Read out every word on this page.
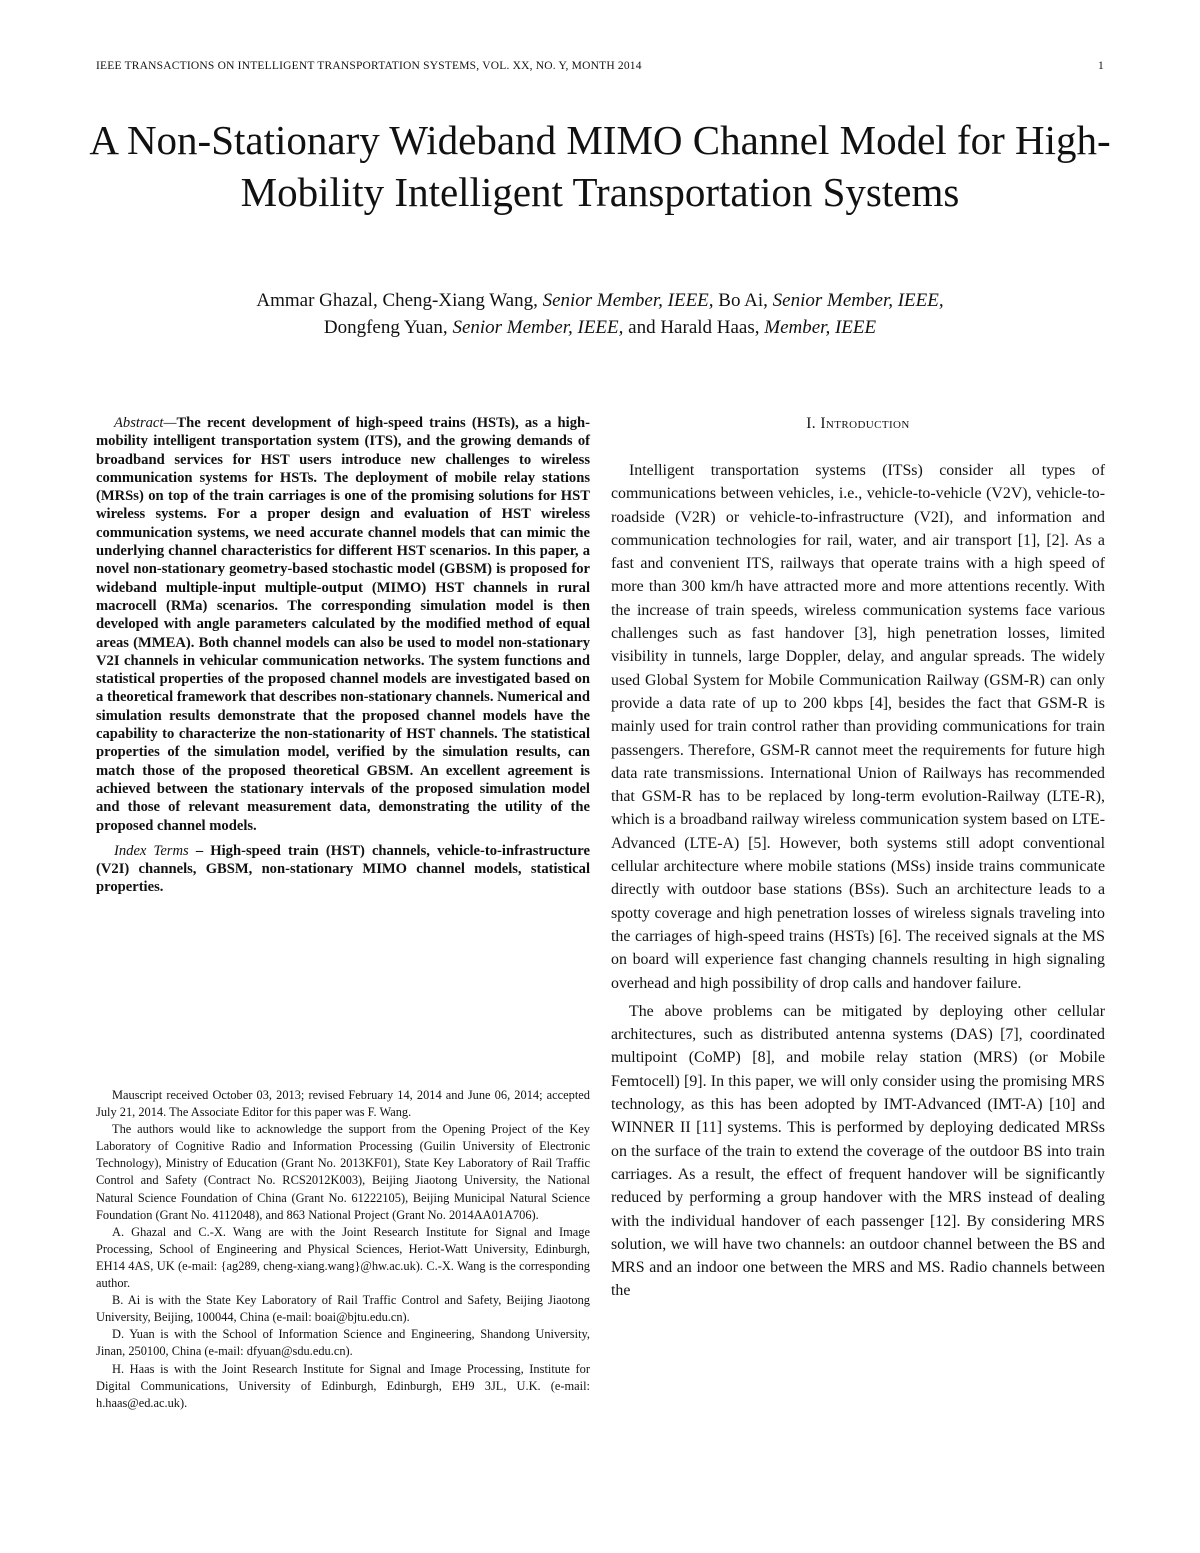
IEEE TRANSACTIONS ON INTELLIGENT TRANSPORTATION SYSTEMS, VOL. XX, NO. Y, MONTH 2014	1
A Non-Stationary Wideband MIMO Channel Model for High-Mobility Intelligent Transportation Systems
Ammar Ghazal, Cheng-Xiang Wang, Senior Member, IEEE, Bo Ai, Senior Member, IEEE,
Dongfeng Yuan, Senior Member, IEEE, and Harald Haas, Member, IEEE

Abstract—The recent development of high-speed trains (HSTs), as a high-mobility intelligent transportation system (ITS), and the growing demands of broadband services for HST users introduce new challenges to wireless communication systems for HSTs. The deployment of mobile relay stations (MRSs) on top of the train carriages is one of the promising solutions for HST wireless systems. For a proper design and evaluation of HST wireless communication systems, we need accurate channel models that can mimic the underlying channel characteristics for different HST scenarios. In this paper, a novel non-stationary geometry-based stochastic model (GBSM) is proposed for wideband multiple-input multiple-output (MIMO) HST channels in rural macrocell (RMa) scenarios. The corresponding simulation model is then developed with angle parameters calculated by the modified method of equal areas (MMEA). Both channel models can also be used to model non-stationary V2I channels in vehicular communication networks. The system functions and statistical properties of the proposed channel models are investigated based on a theoretical framework that describes non-stationary channels. Numerical and simulation results demonstrate that the proposed channel models have the capability to characterize the non-stationarity of HST channels. The statistical properties of the simulation model, verified by the simulation results, can match those of the proposed theoretical GBSM. An excellent agreement is achieved between the stationary intervals of the proposed simulation model and those of relevant measurement data, demonstrating the utility of the proposed channel models.

Index Terms – High-speed train (HST) channels, vehicle-to-infrastructure (V2I) channels, GBSM, non-stationary MIMO channel models, statistical properties.

Mauscript received October 03, 2013; revised February 14, 2014 and June 06, 2014; accepted July 21, 2014. The Associate Editor for this paper was F. Wang.

The authors would like to acknowledge the support from the Opening Project of the Key Laboratory of Cognitive Radio and Information Processing (Guilin University of Electronic Technology), Ministry of Education (Grant No. 2013KF01), State Key Laboratory of Rail Traffic Control and Safety (Contract No. RCS2012K003), Beijing Jiaotong University, the National Natural Science Foundation of China (Grant No. 61222105), Beijing Municipal Natural Science Foundation (Grant No. 4112048), and 863 National Project (Grant No. 2014AA01A706).

A. Ghazal and C.-X. Wang are with the Joint Research Institute for Signal and Image Processing, School of Engineering and Physical Sciences, Heriot-Watt University, Edinburgh, EH14 4AS, UK (e-mail: {ag289, cheng-xiang.wang}@hw.ac.uk). C.-X. Wang is the corresponding author.

B. Ai is with the State Key Laboratory of Rail Traffic Control and Safety, Beijing Jiaotong University, Beijing, 100044, China (e-mail: boai@bjtu.edu.cn).

D. Yuan is with the School of Information Science and Engineering, Shandong University, Jinan, 250100, China (e-mail: dfyuan@sdu.edu.cn).

H. Haas is with the Joint Research Institute for Signal and Image Processing, Institute for Digital Communications, University of Edinburgh, Edinburgh, EH9 3JL, U.K. (e-mail: h.haas@ed.ac.uk).

I. Introduction

Intelligent transportation systems (ITSs) consider all types of communications between vehicles, i.e., vehicle-to-vehicle (V2V), vehicle-to-roadside (V2R) or vehicle-to-infrastructure (V2I), and information and communication technologies for rail, water, and air transport [1], [2]. As a fast and convenient ITS, railways that operate trains with a high speed of more than 300 km/h have attracted more and more attentions recently. With the increase of train speeds, wireless communication systems face various challenges such as fast handover [3], high penetration losses, limited visibility in tunnels, large Doppler, delay, and angular spreads. The widely used Global System for Mobile Communication Railway (GSM-R) can only provide a data rate of up to 200 kbps [4], besides the fact that GSM-R is mainly used for train control rather than providing communications for train passengers. Therefore, GSM-R cannot meet the requirements for future high data rate transmissions. International Union of Railways has recommended that GSM-R has to be replaced by long-term evolution-Railway (LTE-R), which is a broadband railway wireless communication system based on LTE-Advanced (LTE-A) [5]. However, both systems still adopt conventional cellular architecture where mobile stations (MSs) inside trains communicate directly with outdoor base stations (BSs). Such an architecture leads to a spotty coverage and high penetration losses of wireless signals traveling into the carriages of high-speed trains (HSTs) [6]. The received signals at the MS on board will experience fast changing channels resulting in high signaling overhead and high possibility of drop calls and handover failure.

The above problems can be mitigated by deploying other cellular architectures, such as distributed antenna systems (DAS) [7], coordinated multipoint (CoMP) [8], and mobile relay station (MRS) (or Mobile Femtocell) [9]. In this paper, we will only consider using the promising MRS technology, as this has been adopted by IMT-Advanced (IMT-A) [10] and WINNER II [11] systems. This is performed by deploying dedicated MRSs on the surface of the train to extend the coverage of the outdoor BS into train carriages. As a result, the effect of frequent handover will be significantly reduced by performing a group handover with the MRS instead of dealing with the individual handover of each passenger [12]. By considering MRS solution, we will have two channels: an outdoor channel between the BS and MRS and an indoor one between the MRS and MS. Radio channels between the
